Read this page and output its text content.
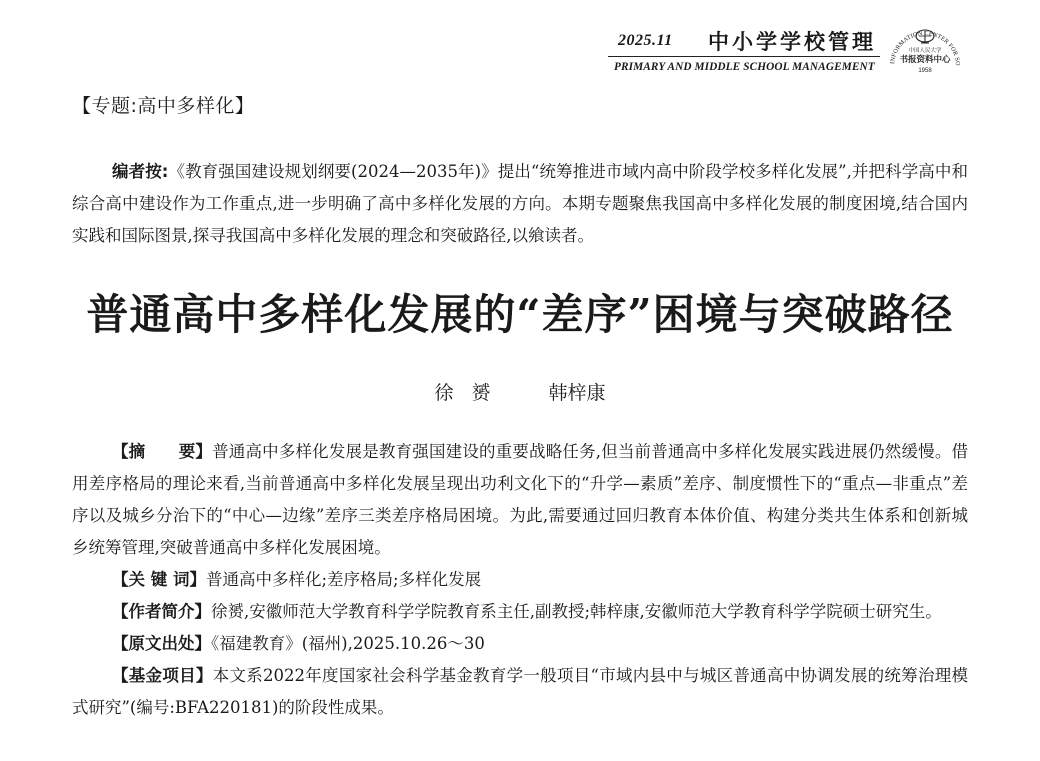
2025.11 中小学学校管理
PRIMARY AND MIDDLE SCHOOL MANAGEMENT	INFORMATION CENTER FOR SO
中国人民大学
书报资料中心
1958
【专题:高中多样化】

编者按:《教育强国建设规划纲要(2024—2035年)》提出“统筹推进市域内高中阶段学校多样化发展”,并把科学高中和综合高中建设作为工作重点,进一步明确了高中多样化发展的方向。本期专题聚焦我国高中多样化发展的制度困境,结合国内实践和国际图景,探寻我国高中多样化发展的理念和突破路径,以飨读者。

普通高中多样化发展的“差序”困境与突破路径
徐赟 韩梓康

【摘　　要】普通高中多样化发展是教育强国建设的重要战略任务,但当前普通高中多样化发展实践进展仍然缓慢。借用差序格局的理论来看,当前普通高中多样化发展呈现出功利文化下的“升学—素质”差序、制度惯性下的“重点—非重点”差序以及城乡分治下的“中心—边缘”差序三类差序格局困境。为此,需要通过回归教育本体价值、构建分类共生体系和创新城乡统筹管理,突破普通高中多样化发展困境。

【关 键 词】普通高中多样化;差序格局;多样化发展

【作者简介】徐赟,安徽师范大学教育科学学院教育系主任,副教授;韩梓康,安徽师范大学教育科学学院硕士研究生。

【原文出处】《福建教育》(福州),2025.10.26～30

【基金项目】本文系2022年度国家社会科学基金教育学一般项目“市域内县中与城区普通高中协调发展的统筹治理模式研究”(编号:BFA220181)的阶段性成果。
